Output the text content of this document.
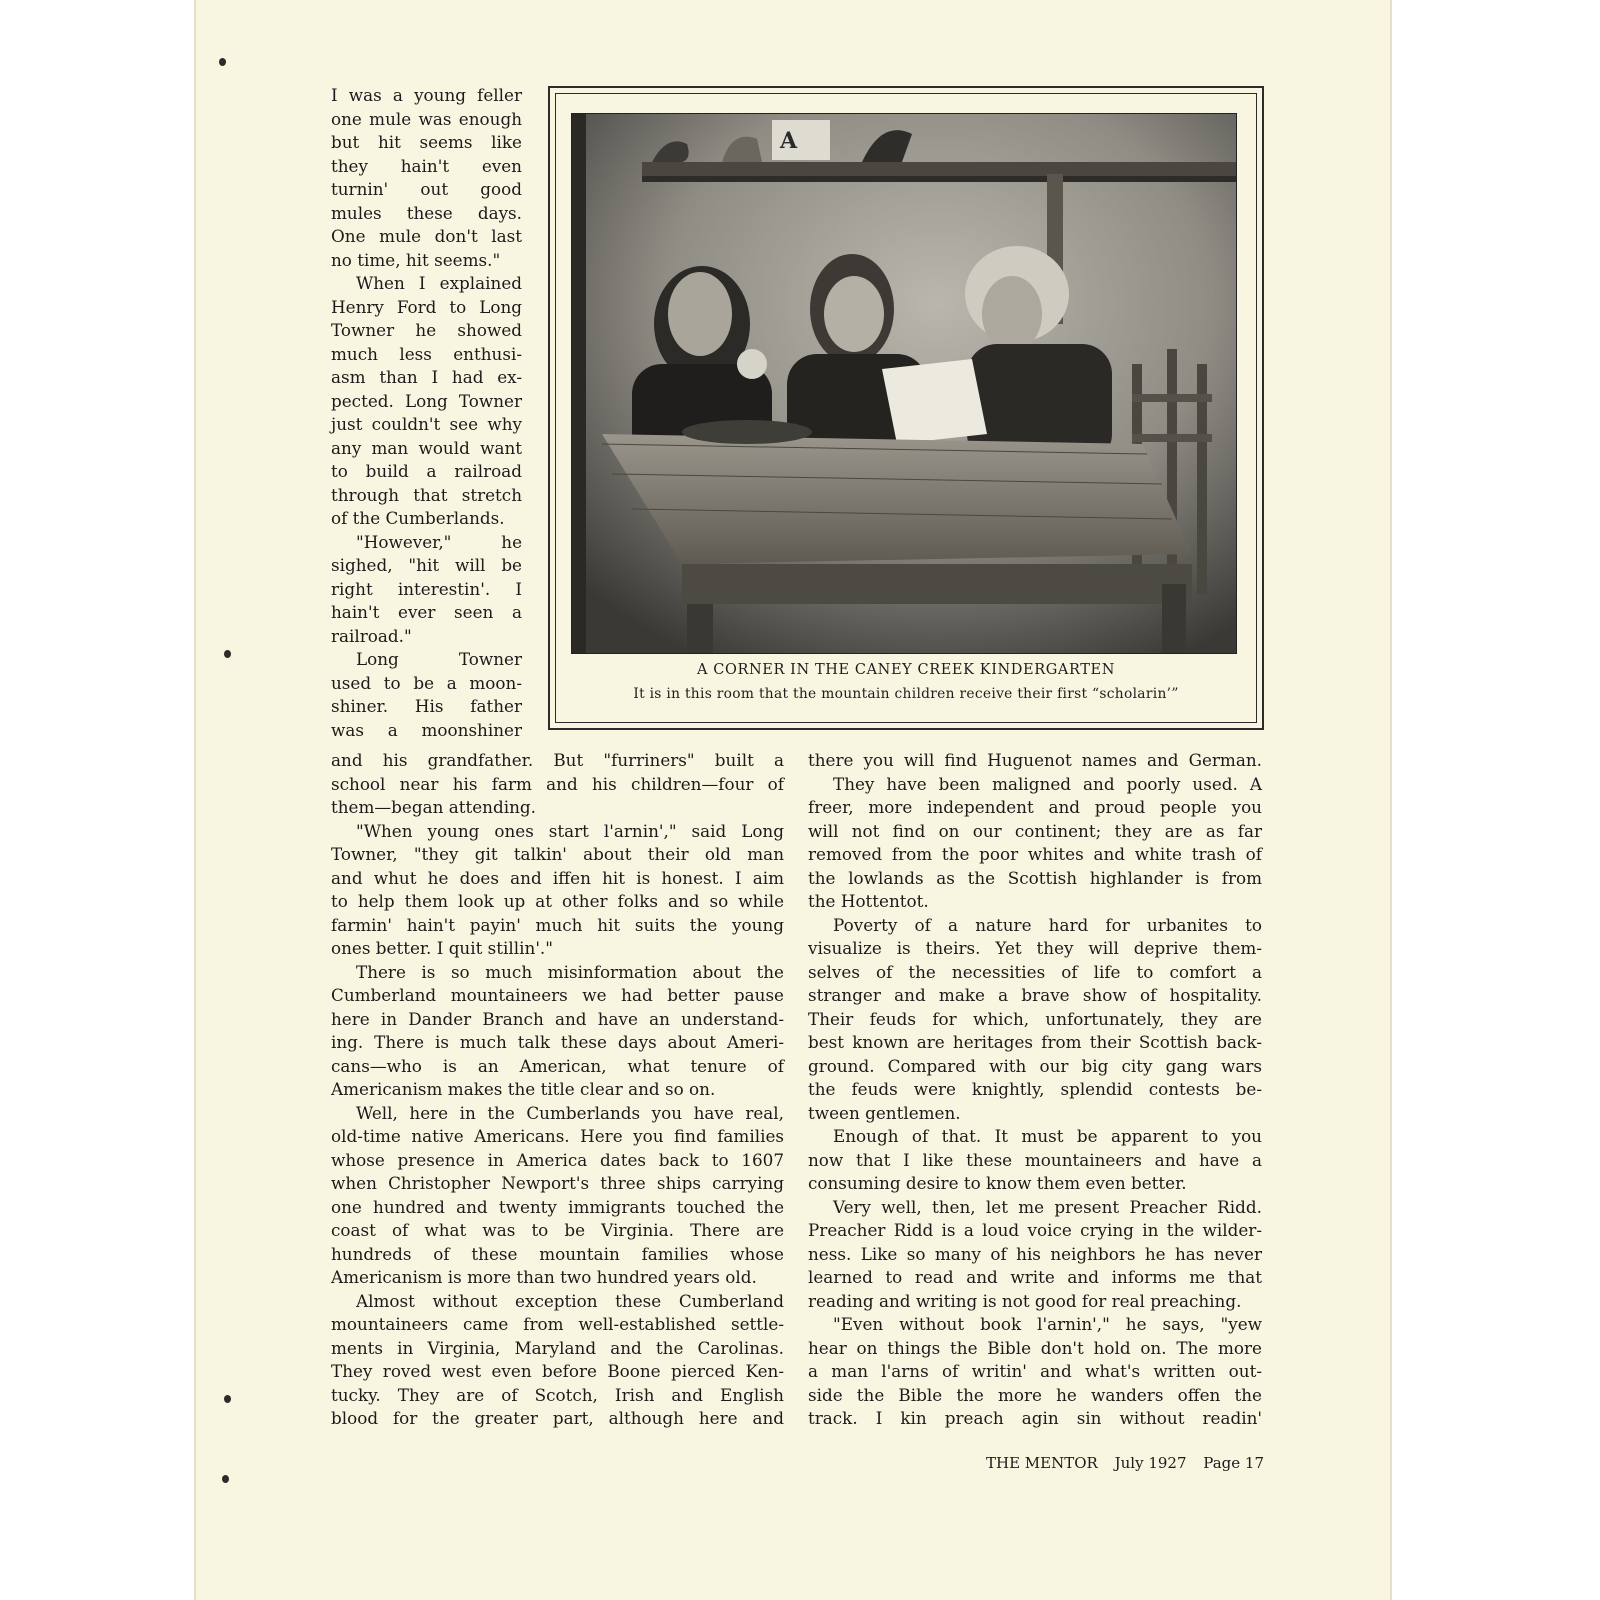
I was a young feller
one mule was enough
but hit seems like
they hain't even
turnin' out good
mules these days.
One mule don't last
no time, hit seems."
When I explained
Henry Ford to Long
Towner he showed
much less enthusi-
asm than I had ex-
pected. Long Towner
just couldn't see why
any man would want
to build a railroad
through that stretch
of the Cumberlands.
"However," he
sighed, "hit will be
right interestin'. I
hain't ever seen a
railroad."
Long Towner
used to be a moon-
shiner. His father
was a moonshiner
A
A CORNER IN THE CANEY CREEK KINDERGARTEN
It is in this room that the mountain children receive their first “scholarin’”
and his grandfather. But "furriners" built a
school near his farm and his children—four of
them—began attending.
"When young ones start l'arnin'," said Long
Towner, "they git talkin' about their old man
and whut he does and iffen hit is honest. I aim
to help them look up at other folks and so while
farmin' hain't payin' much hit suits the young
ones better. I quit stillin'."
There is so much misinformation about the
Cumberland mountaineers we had better pause
here in Dander Branch and have an understand-
ing. There is much talk these days about Ameri-
cans—who is an American, what tenure of
Americanism makes the title clear and so on.
Well, here in the Cumberlands you have real,
old-time native Americans. Here you find families
whose presence in America dates back to 1607
when Christopher Newport's three ships carrying
one hundred and twenty immigrants touched the
coast of what was to be Virginia. There are
hundreds of these mountain families whose
Americanism is more than two hundred years old.
Almost without exception these Cumberland
mountaineers came from well-established settle-
ments in Virginia, Maryland and the Carolinas.
They roved west even before Boone pierced Ken-
tucky. They are of Scotch, Irish and English
blood for the greater part, although here and
there you will find Huguenot names and German.
They have been maligned and poorly used. A
freer, more independent and proud people you
will not find on our continent; they are as far
removed from the poor whites and white trash of
the lowlands as the Scottish highlander is from
the Hottentot.
Poverty of a nature hard for urbanites to
visualize is theirs. Yet they will deprive them-
selves of the necessities of life to comfort a
stranger and make a brave show of hospitality.
Their feuds for which, unfortunately, they are
best known are heritages from their Scottish back-
ground. Compared with our big city gang wars
the feuds were knightly, splendid contests be-
tween gentlemen.
Enough of that. It must be apparent to you
now that I like these mountaineers and have a
consuming desire to know them even better.
Very well, then, let me present Preacher Ridd.
Preacher Ridd is a loud voice crying in the wilder-
ness. Like so many of his neighbors he has never
learned to read and write and informs me that
reading and writing is not good for real preaching.
"Even without book l'arnin'," he says, "yew
hear on things the Bible don't hold on. The more
a man l'arns of writin' and what's written out-
side the Bible the more he wanders offen the
track. I kin preach agin sin without readin'
THE MENTOR July 1927 Page 17
